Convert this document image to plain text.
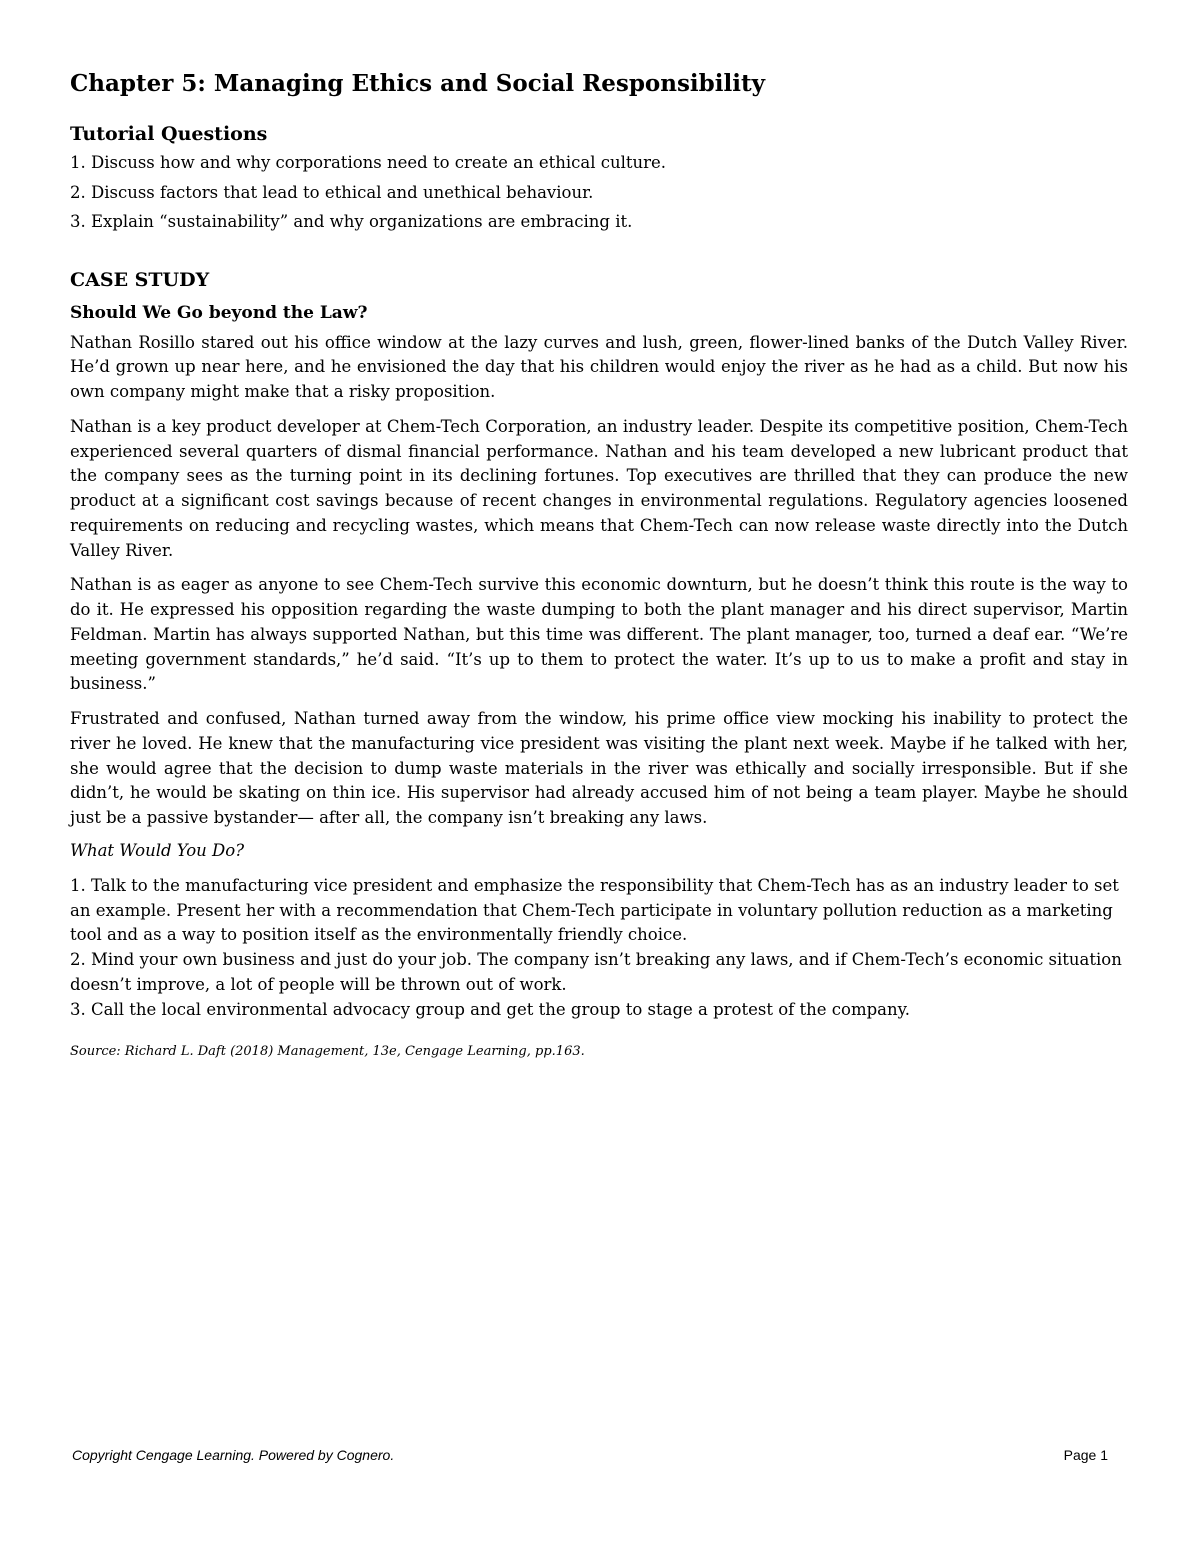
Chapter 5: Managing Ethics and Social Responsibility
Tutorial Questions
1. Discuss how and why corporations need to create an ethical culture.
2. Discuss factors that lead to ethical and unethical behaviour.
3. Explain “sustainability” and why organizations are embracing it.
CASE STUDY
Should We Go beyond the Law?

Nathan Rosillo stared out his office window at the lazy curves and lush, green, flower-lined banks of the Dutch Valley River. He’d grown up near here, and he envisioned the day that his children would enjoy the river as he had as a child. But now his own company might make that a risky proposition.

Nathan is a key product developer at Chem-Tech Corporation, an industry leader. Despite its competitive position, Chem-Tech experienced several quarters of dismal financial performance. Nathan and his team developed a new lubricant product that the company sees as the turning point in its declining fortunes. Top executives are thrilled that they can produce the new product at a significant cost savings because of recent changes in environmental regulations. Regulatory agencies loosened requirements on reducing and recycling wastes, which means that Chem-Tech can now release waste directly into the Dutch Valley River.

Nathan is as eager as anyone to see Chem-Tech survive this economic downturn, but he doesn’t think this route is the way to do it. He expressed his opposition regarding the waste dumping to both the plant manager and his direct supervisor, Martin Feldman. Martin has always supported Nathan, but this time was different. The plant manager, too, turned a deaf ear. “We’re meeting government standards,” he’d said. “It’s up to them to protect the water. It’s up to us to make a profit and stay in business.”

Frustrated and confused, Nathan turned away from the window, his prime office view mocking his inability to protect the river he loved. He knew that the manufacturing vice president was visiting the plant next week. Maybe if he talked with her, she would agree that the decision to dump waste materials in the river was ethically and socially irresponsible. But if she didn’t, he would be skating on thin ice. His supervisor had already accused him of not being a team player. Maybe he should just be a passive bystander— after all, the company isn’t breaking any laws.

What Would You Do?

1. Talk to the manufacturing vice president and emphasize the responsibility that Chem-Tech has as an industry leader to set an example. Present her with a recommendation that Chem-Tech participate in voluntary pollution reduction as a marketing tool and as a way to position itself as the environmentally friendly choice.

2. Mind your own business and just do your job. The company isn’t breaking any laws, and if Chem-Tech’s economic situation doesn’t improve, a lot of people will be thrown out of work.

3. Call the local environmental advocacy group and get the group to stage a protest of the company.

Source: Richard L. Daft (2018) Management, 13e, Cengage Learning, pp.163.
Copyright Cengage Learning. Powered by Cognero.	Page 1
